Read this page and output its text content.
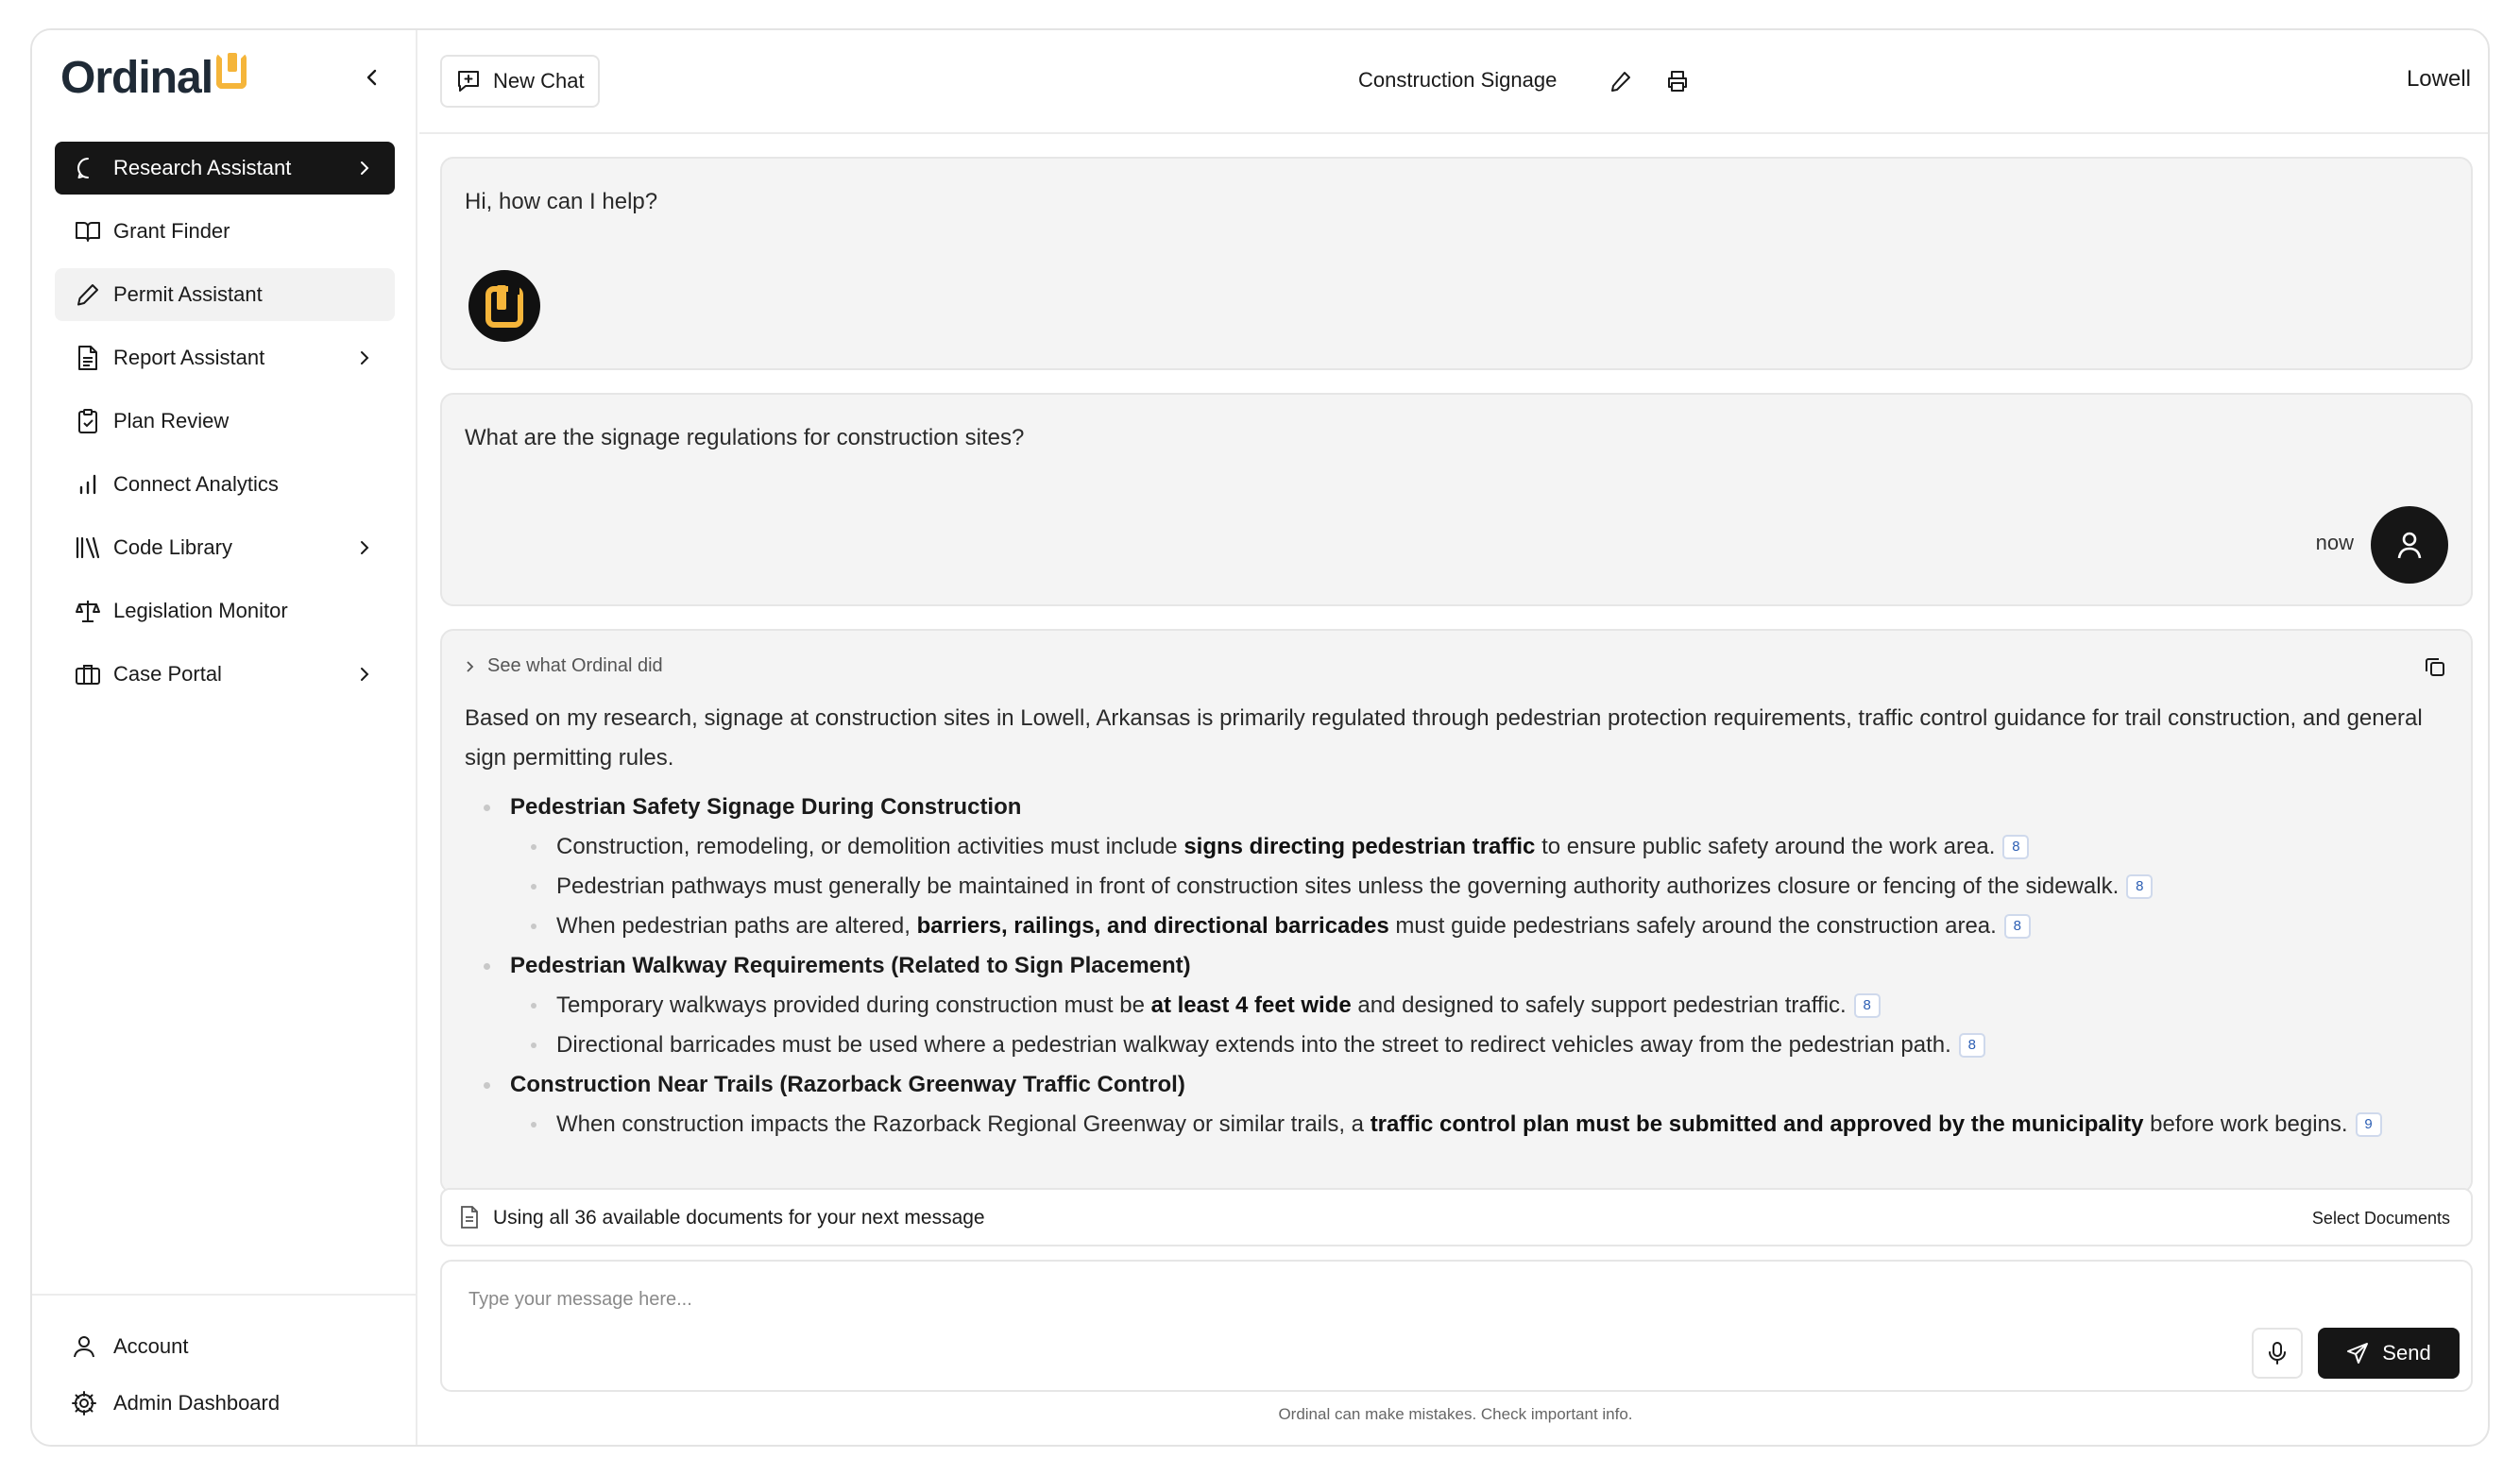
Ordinal
Research Assistant
Grant Finder
Permit Assistant
Report Assistant
Plan Review
Connect Analytics
Code Library
Legislation Monitor
Case Portal
Account
Admin Dashboard
New Chat	Construction Signage	Lowell
Hi, how can I help?
What are the signage regulations for construction sites?
now
See what Ordinal did
Based on my research, signage at construction sites in Lowell, Arkansas is primarily regulated through pedestrian protection requirements, traffic control guidance for trail construction, and general sign permitting rules.
Pedestrian Safety Signage During Construction
Construction, remodeling, or demolition activities must include signs directing pedestrian traffic to ensure public safety around the work area. 8
Pedestrian pathways must generally be maintained in front of construction sites unless the governing authority authorizes closure or fencing of the sidewalk. 8
When pedestrian paths are altered, barriers, railings, and directional barricades must guide pedestrians safely around the construction area. 8
Pedestrian Walkway Requirements (Related to Sign Placement)
Temporary walkways provided during construction must be at least 4 feet wide and designed to safely support pedestrian traffic. 8
Directional barricades must be used where a pedestrian walkway extends into the street to redirect vehicles away from the pedestrian path. 8
Construction Near Trails (Razorback Greenway Traffic Control)
When construction impacts the Razorback Regional Greenway or similar trails, a traffic control plan must be submitted and approved by the municipality before work begins. 9
Using all 36 available documents for your next message	Select Documents
Type your message here...
Send
Ordinal can make mistakes. Check important info.
